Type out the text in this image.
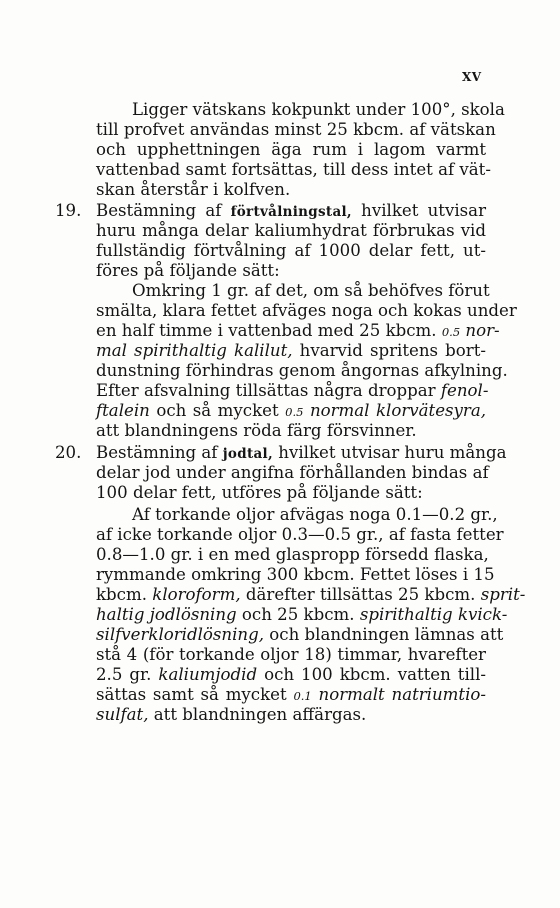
XV
Ligger vätskans kokpunkt under 100°, skola
till profvet användas minst 25 kbcm. af vätskan
och upphettningen äga rum i lagom varmt
vattenbad samt fortsättas, till dess intet af vät-
skan återstår i kolfven.
19. Bestämning af förtvålningstal, hvilket utvisar
huru många delar kaliumhydrat förbrukas vid
fullständig förtvålning af 1000 delar fett, ut-
föres på följande sätt:
Omkring 1 gr. af det, om så behöfves förut
smälta, klara fettet afväges noga och kokas under
en half timme i vattenbad med 25 kbcm. 0.5 nor-
mal spirithaltig kalilut, hvarvid spritens bort-
dunstning förhindras genom ångornas afkylning.
Efter afsvalning tillsättas några droppar fenol-
ftalein och så mycket 0.5 normal klorvätesyra,
att blandningens röda färg försvinner.
20. Bestämning af jodtal, hvilket utvisar huru många
delar jod under angifna förhållanden bindas af
100 delar fett, utföres på följande sätt:
Af torkande oljor afvägas noga 0.1—0.2 gr.,
af icke torkande oljor 0.3—0.5 gr., af fasta fetter
0.8—1.0 gr. i en med glaspropp försedd flaska,
rymmande omkring 300 kbcm. Fettet löses i 15
kbcm. kloroform, därefter tillsättas 25 kbcm. sprit-
haltig jodlösning och 25 kbcm. spirithaltig kvick-
silfverkloridlösning, och blandningen lämnas att
stå 4 (för torkande oljor 18) timmar, hvarefter
2.5 gr. kaliumjodid och 100 kbcm. vatten till-
sättas samt så mycket 0.1 normalt natriumtio-
sulfat, att blandningen affärgas.
